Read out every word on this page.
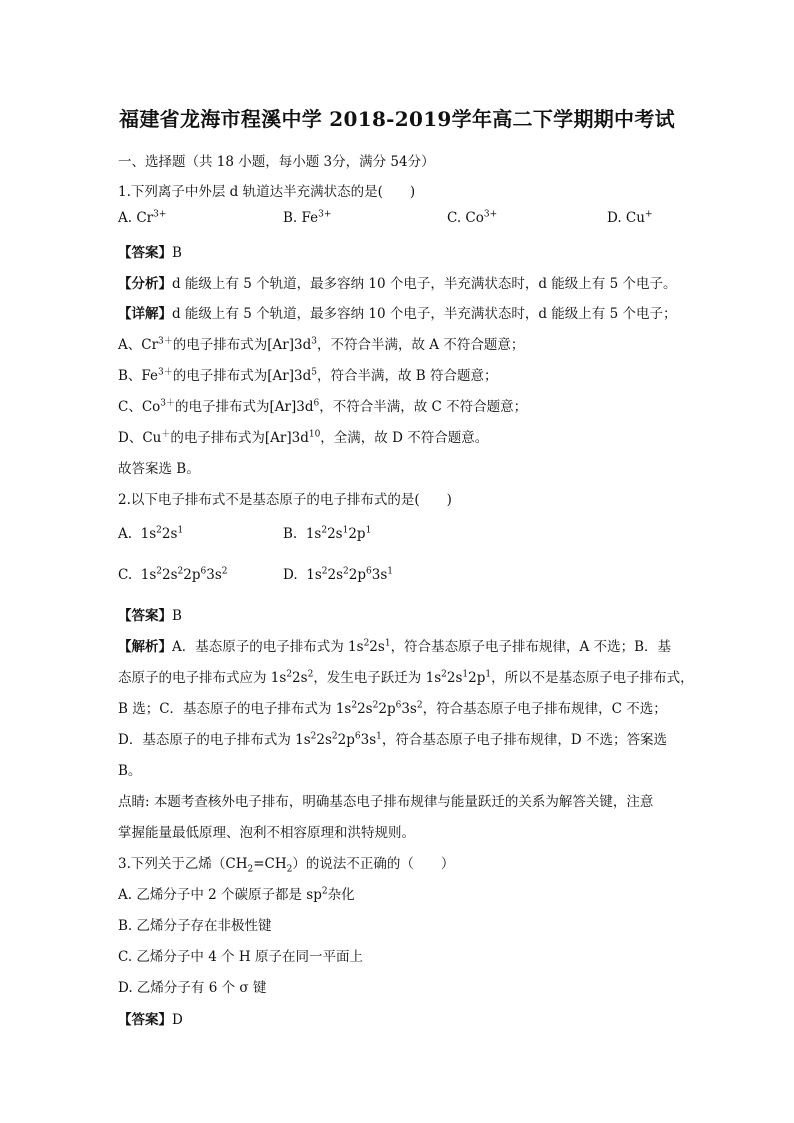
福建省龙海市程溪中学 2018-2019学年高二下学期期中考试
一、选择题（共 18 小题，每小题 3分，满分 54分）
1.下列离子中外层 d 轨道达半充满状态的是(　　)
A. $Cr^{3+}$	B. $Fe^{3+}$	C. $Co^{3+}$	D. Cu+
【答案】B
【分析】d 能级上有 5 个轨道，最多容纳 10 个电子，半充满状态时，d 能级上有 5 个电子。
【详解】d 能级上有 5 个轨道，最多容纳 10 个电子，半充满状态时，d 能级上有 5 个电子；
A、$Cr^{3+}$的电子排布式为$[Ar]3d^3$，不符合半满，故 A 不符合题意；
B、$Fe^{3+}$的电子排布式为$[Ar]3d^5$，符合半满，故 B 符合题意；
C、$Co^{3+}$的电子排布式为$[Ar]3d^6$，不符合半满，故 C 不符合题意；
D、Cu＋的电子排布式为$[Ar]3d^{10}$，全满，故 D 不符合题意。
故答案选 B。
2.以下电子排布式不是基态原子的电子排布式的是(　　)
A. $1s^22s^1$	B. $1s^22s^12p^1$
C. $1s^22s^22p^63s^2$	D. $1s^22s^22p^63s^1$
【答案】B
【解析】A．基态原子的电子排布式为 $1s^22s^1$，符合基态原子电子排布规律，A 不选；B．基
态原子的电子排布式应为 $1s^22s^2$，发生电子跃迁为 $1s^22s^12p^1$，所以不是基态原子电子排布式，
B 选；C．基态原子的电子排布式为 $1s^22s^22p^63s^2$，符合基态原子电子排布规律，C 不选；
D．基态原子的电子排布式为 $1s^22s^22p^63s^1$，符合基态原子电子排布规律，D 不选；答案选
B。
点睛: 本题考查核外电子排布，明确基态电子排布规律与能量跃迁的关系为解答关键，注意
掌握能量最低原理、泡利不相容原理和洪特规则。
3.下列关于乙烯$(CH_2=CH_2)$的说法不正确的（　　）
A. 乙烯分子中 2 个碳原子都是 $sp^2$杂化
B. 乙烯分子存在非极性键
C. 乙烯分子中 4 个 H 原子在同一平面上
D. 乙烯分子有 6 个 σ 键
【答案】D
